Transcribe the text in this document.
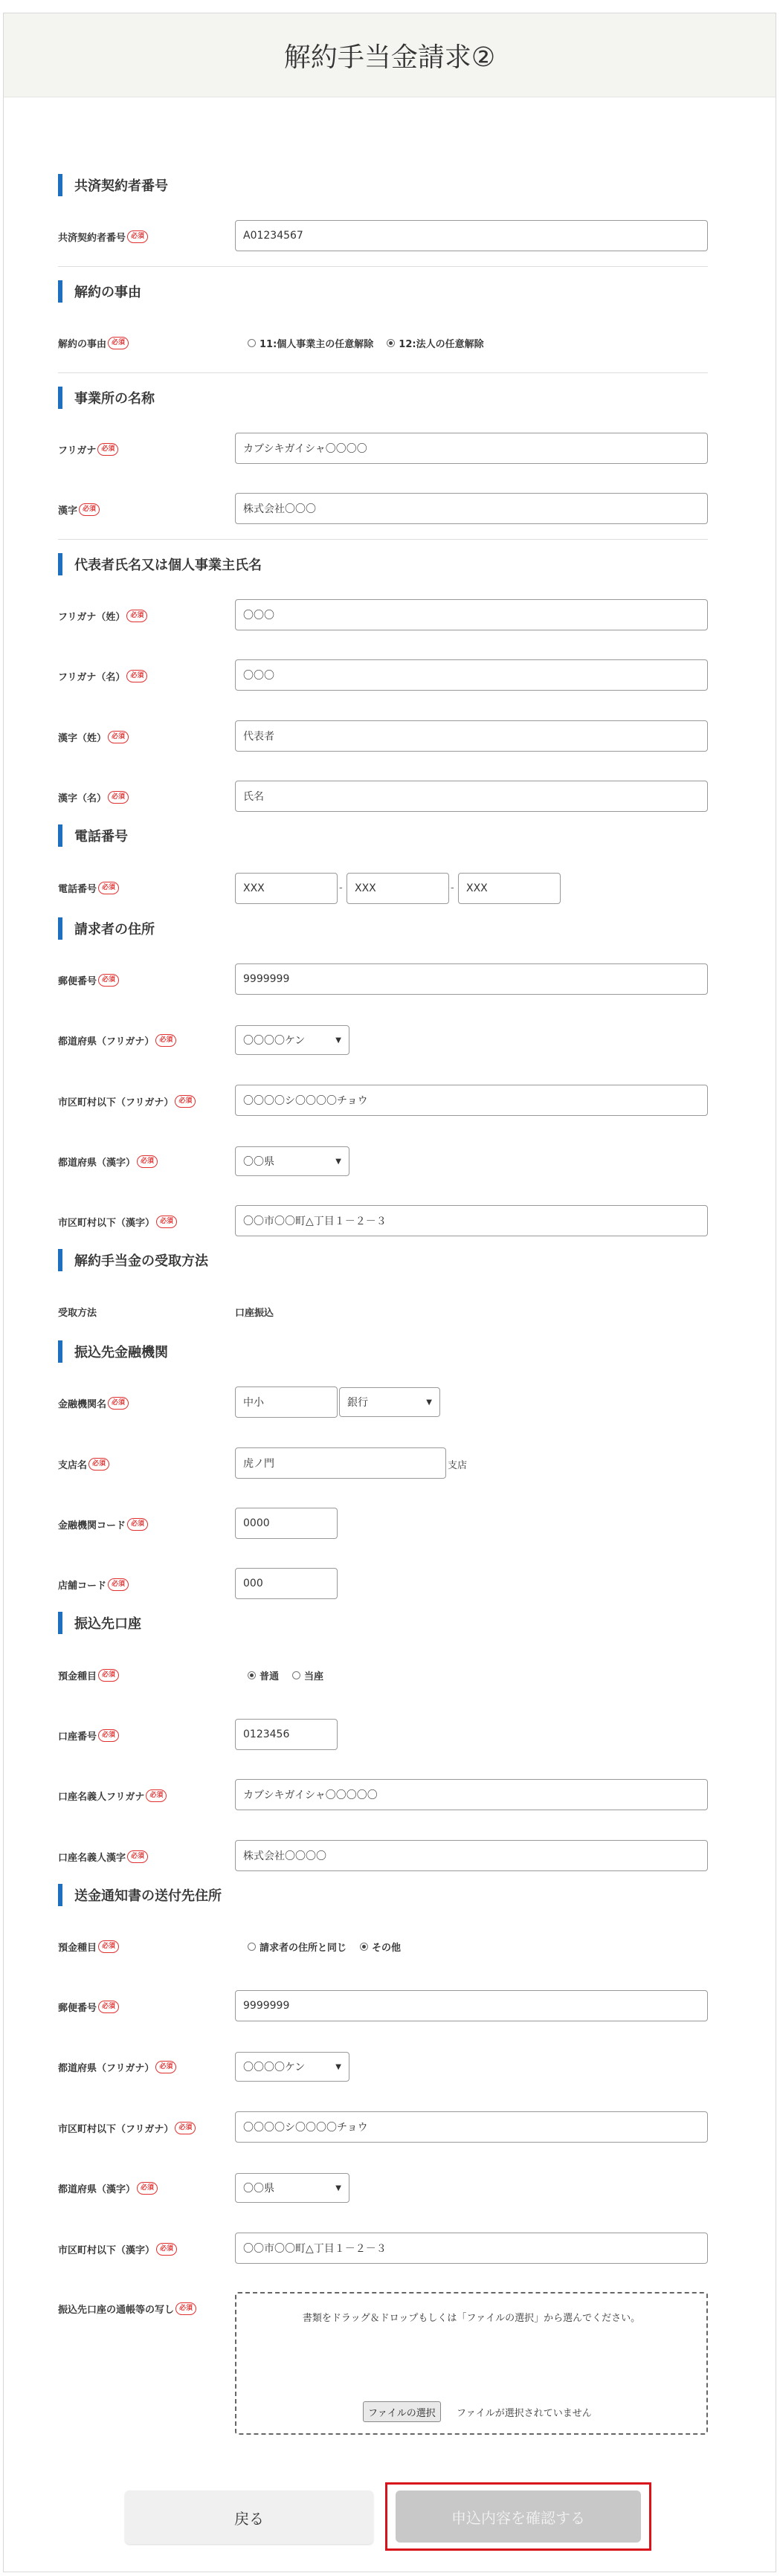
解約手当金請求②
共済契約者番号
共済契約者番号 必須
A01234567
解約の事由
解約の事由 必須	11:個人事業主の任意解除	12:法人の任意解除
事業所の名称
フリガナ 必須
カブシキガイシャ〇〇〇〇
漢字 必須
株式会社〇〇〇
代表者氏名又は個人事業主氏名
フリガナ（姓） 必須
〇〇〇
フリガナ（名） 必須
〇〇〇
漢字（姓） 必須
代表者
漢字（名） 必須
氏名
電話番号
電話番号 必須
XXX	-
XXX	-
XXX
請求者の住所
郵便番号 必須
9999999
都道府県（フリガナ） 必須	〇〇〇〇ケン	▼
市区町村以下（フリガナ） 必須
〇〇〇〇シ〇〇〇〇チョウ
都道府県（漢字） 必須	〇〇県	▼
市区町村以下（漢字） 必須
〇〇市〇〇町△丁目１－２－３
解約手当金の受取方法
受取方法	口座振込
振込先金融機関
金融機関名 必須
中小	銀行	▼
支店名 必須
虎ノ門	支店
金融機関コード 必須
0000
店舗コード 必須
000
振込先口座
預金種目 必須	普通	当座
口座番号 必須
0123456
口座名義人フリガナ 必須
カブシキガイシャ〇〇〇〇〇
口座名義人漢字 必須
株式会社〇〇〇〇
送金通知書の送付先住所
預金種目 必須	請求者の住所と同じ	その他
郵便番号 必須
9999999
都道府県（フリガナ） 必須	〇〇〇〇ケン	▼
市区町村以下（フリガナ） 必須
〇〇〇〇シ〇〇〇〇チョウ
都道府県（漢字） 必須	〇〇県	▼
市区町村以下（漢字） 必須
〇〇市〇〇町△丁目１－２－３
振込先口座の通帳等の写し 必須
書類をドラッグ＆ドロップもしくは「ファイルの選択」から選んでください。
ファイルの選択	ファイルが選択されていません
戻る	申込内容を確認する
